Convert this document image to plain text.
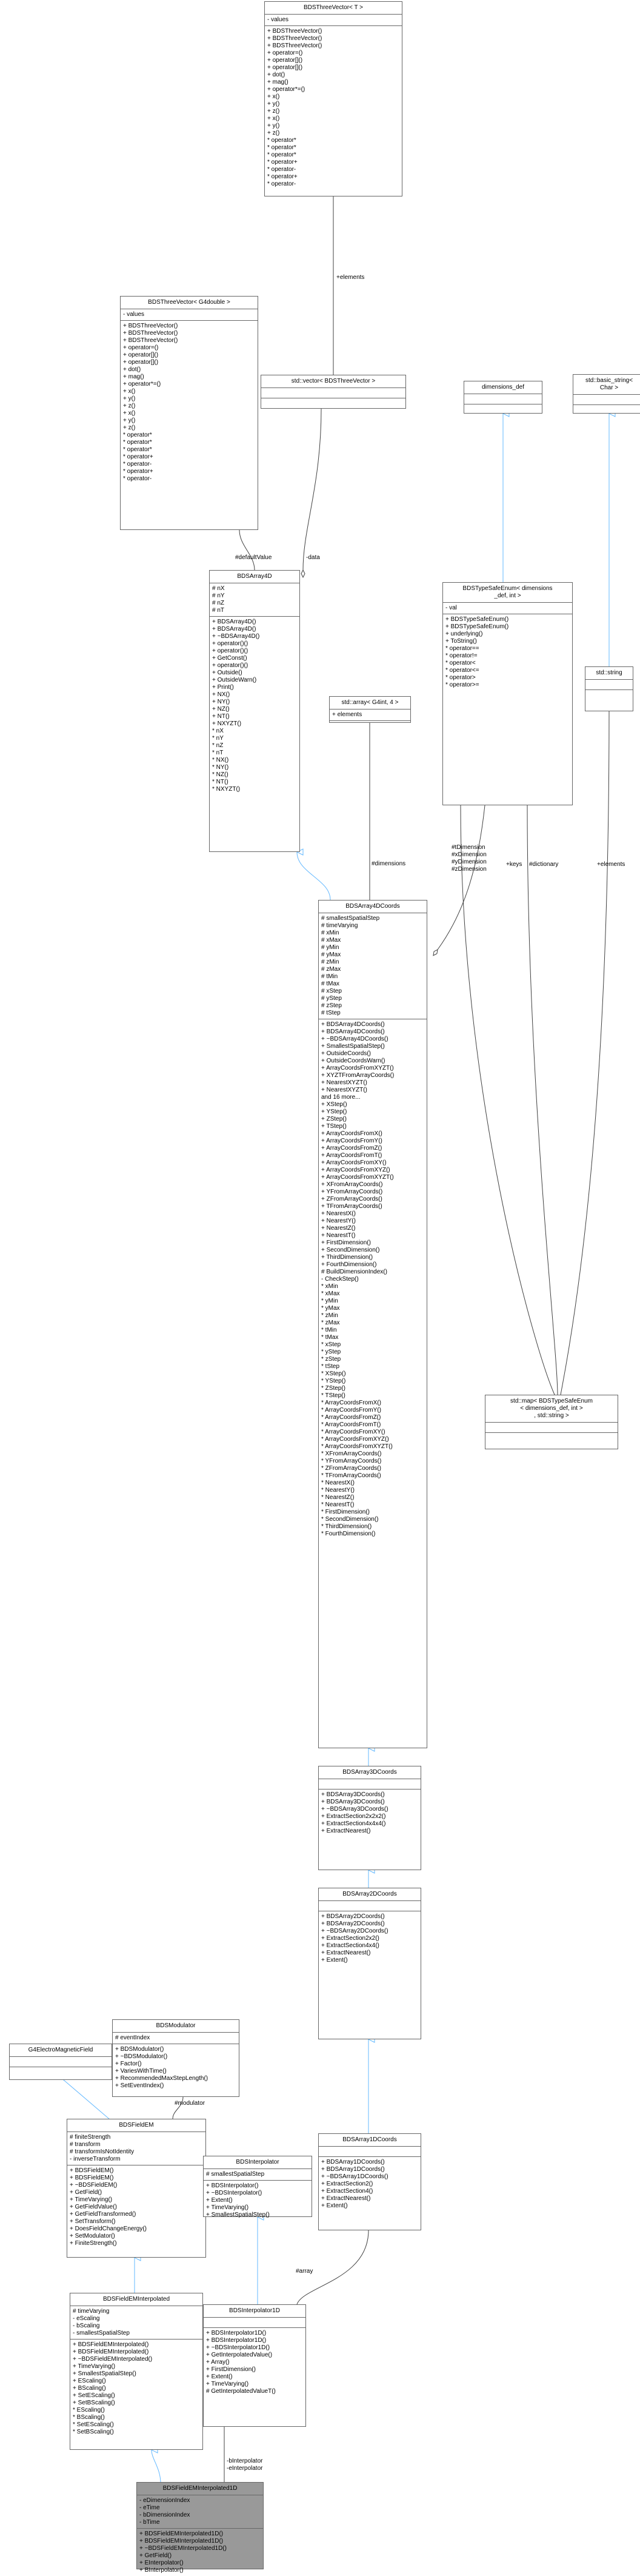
BDSThreeVector< T >
- values
+ BDSThreeVector()
+ BDSThreeVector()
+ BDSThreeVector()
+ operator=()
+ operator[]()
+ operator[]()
+ dot()
+ mag()
+ operator*=()
+ x()
+ y()
+ z()
+ x()
+ y()
+ z()
* operator*
* operator*
* operator*
* operator+
* operator-
* operator+
* operator-
BDSThreeVector< G4double >
- values
+ BDSThreeVector()
+ BDSThreeVector()
+ BDSThreeVector()
+ operator=()
+ operator[]()
+ operator[]()
+ dot()
+ mag()
+ operator*=()
+ x()
+ y()
+ z()
+ x()
+ y()
+ z()
* operator*
* operator*
* operator*
* operator+
* operator-
* operator+
* operator-
std::vector< BDSThreeVector >
dimensions_def
std::basic_string<
Char >
BDSArray4D
# nX
# nY
# nZ
# nT
+ BDSArray4D()
+ BDSArray4D()
+ ~BDSArray4D()
+ operator()()
+ operator()()
+ GetConst()
+ operator()()
+ Outside()
+ OutsideWarn()
+ Print()
+ NX()
+ NY()
+ NZ()
+ NT()
+ NXYZT()
* nX
* nY
* nZ
* nT
* NX()
* NY()
* NZ()
* NT()
* NXYZT()
std::array< G4int, 4 >
+ elements
BDSTypeSafeEnum< dimensions
_def, int >
- val
+ BDSTypeSafeEnum()
+ BDSTypeSafeEnum()
+ underlying()
+ ToString()
* operator==
* operator!=
* operator<
* operator<=
* operator>
* operator>=
std::string
BDSArray4DCoords
# smallestSpatialStep
# timeVarying
# xMin
# xMax
# yMin
# yMax
# zMin
# zMax
# tMin
# tMax
# xStep
# yStep
# zStep
# tStep
+ BDSArray4DCoords()
+ BDSArray4DCoords()
+ ~BDSArray4DCoords()
+ SmallestSpatialStep()
+ OutsideCoords()
+ OutsideCoordsWarn()
+ ArrayCoordsFromXYZT()
+ XYZTFromArrayCoords()
+ NearestXYZT()
+ NearestXYZT()
and 16 more...
+ XStep()
+ YStep()
+ ZStep()
+ TStep()
+ ArrayCoordsFromX()
+ ArrayCoordsFromY()
+ ArrayCoordsFromZ()
+ ArrayCoordsFromT()
+ ArrayCoordsFromXY()
+ ArrayCoordsFromXYZ()
+ ArrayCoordsFromXYZT()
+ XFromArrayCoords()
+ YFromArrayCoords()
+ ZFromArrayCoords()
+ TFromArrayCoords()
+ NearestX()
+ NearestY()
+ NearestZ()
+ NearestT()
+ FirstDimension()
+ SecondDimension()
+ ThirdDimension()
+ FourthDimension()
# BuildDimensionIndex()
- CheckStep()
* xMin
* xMax
* yMin
* yMax
* zMin
* zMax
* tMin
* tMax
* xStep
* yStep
* zStep
* tStep
* XStep()
* YStep()
* ZStep()
* TStep()
* ArrayCoordsFromX()
* ArrayCoordsFromY()
* ArrayCoordsFromZ()
* ArrayCoordsFromT()
* ArrayCoordsFromXY()
* ArrayCoordsFromXYZ()
* ArrayCoordsFromXYZT()
* XFromArrayCoords()
* YFromArrayCoords()
* ZFromArrayCoords()
* TFromArrayCoords()
* NearestX()
* NearestY()
* NearestZ()
* NearestT()
* FirstDimension()
* SecondDimension()
* ThirdDimension()
* FourthDimension()
std::map< BDSTypeSafeEnum
< dimensions_def, int >
, std::string >
BDSArray3DCoords
+ BDSArray3DCoords()
+ BDSArray3DCoords()
+ ~BDSArray3DCoords()
+ ExtractSection2x2x2()
+ ExtractSection4x4x4()
+ ExtractNearest()
BDSArray2DCoords
+ BDSArray2DCoords()
+ BDSArray2DCoords()
+ ~BDSArray2DCoords()
+ ExtractSection2x2()
+ ExtractSection4x4()
+ ExtractNearest()
+ Extent()
G4ElectroMagneticField
BDSModulator
# eventIndex
+ BDSModulator()
+ ~BDSModulator()
+ Factor()
+ VariesWithTime()
+ RecommendedMaxStepLength()
+ SetEventIndex()
BDSFieldEM
# finiteStrength
# transform
# transformIsNotIdentity
- inverseTransform
+ BDSFieldEM()
+ BDSFieldEM()
+ ~BDSFieldEM()
+ GetField()
+ TimeVarying()
+ GetFieldValue()
+ GetFieldTransformed()
+ SetTransform()
+ DoesFieldChangeEnergy()
+ SetModulator()
+ FiniteStrength()
BDSInterpolator
# smallestSpatialStep
+ BDSInterpolator()
+ ~BDSInterpolator()
+ Extent()
+ TimeVarying()
+ SmallestSpatialStep()
BDSArray1DCoords
+ BDSArray1DCoords()
+ BDSArray1DCoords()
+ ~BDSArray1DCoords()
+ ExtractSection2()
+ ExtractSection4()
+ ExtractNearest()
+ Extent()
BDSFieldEMInterpolated
# timeVarying
- eScaling
- bScaling
- smallestSpatialStep
+ BDSFieldEMInterpolated()
+ BDSFieldEMInterpolated()
+ ~BDSFieldEMInterpolated()
+ TimeVarying()
+ SmallestSpatialStep()
+ EScaling()
+ BScaling()
+ SetEScaling()
+ SetBScaling()
* EScaling()
* BScaling()
* SetEScaling()
* SetBScaling()
BDSInterpolator1D
+ BDSInterpolator1D()
+ BDSInterpolator1D()
+ ~BDSInterpolator1D()
+ GetInterpolatedValue()
+ Array()
+ FirstDimension()
+ Extent()
+ TimeVarying()
# GetInterpolatedValueT()
BDSFieldEMInterpolated1D
- eDimensionIndex
- eTime
- bDimensionIndex
- bTime
+ BDSFieldEMInterpolated1D()
+ BDSFieldEMInterpolated1D()
+ ~BDSFieldEMInterpolated1D()
+ GetField()
+ EInterpolator()
+ BInterpolator()
+elements
#defaultValue	-data
#dimensions
#tDimension
#xDimension
#yDimension
#zDimension
+keys #dictionary	+elements
#modulator
#array
-bInterpolator
-eInterpolator
